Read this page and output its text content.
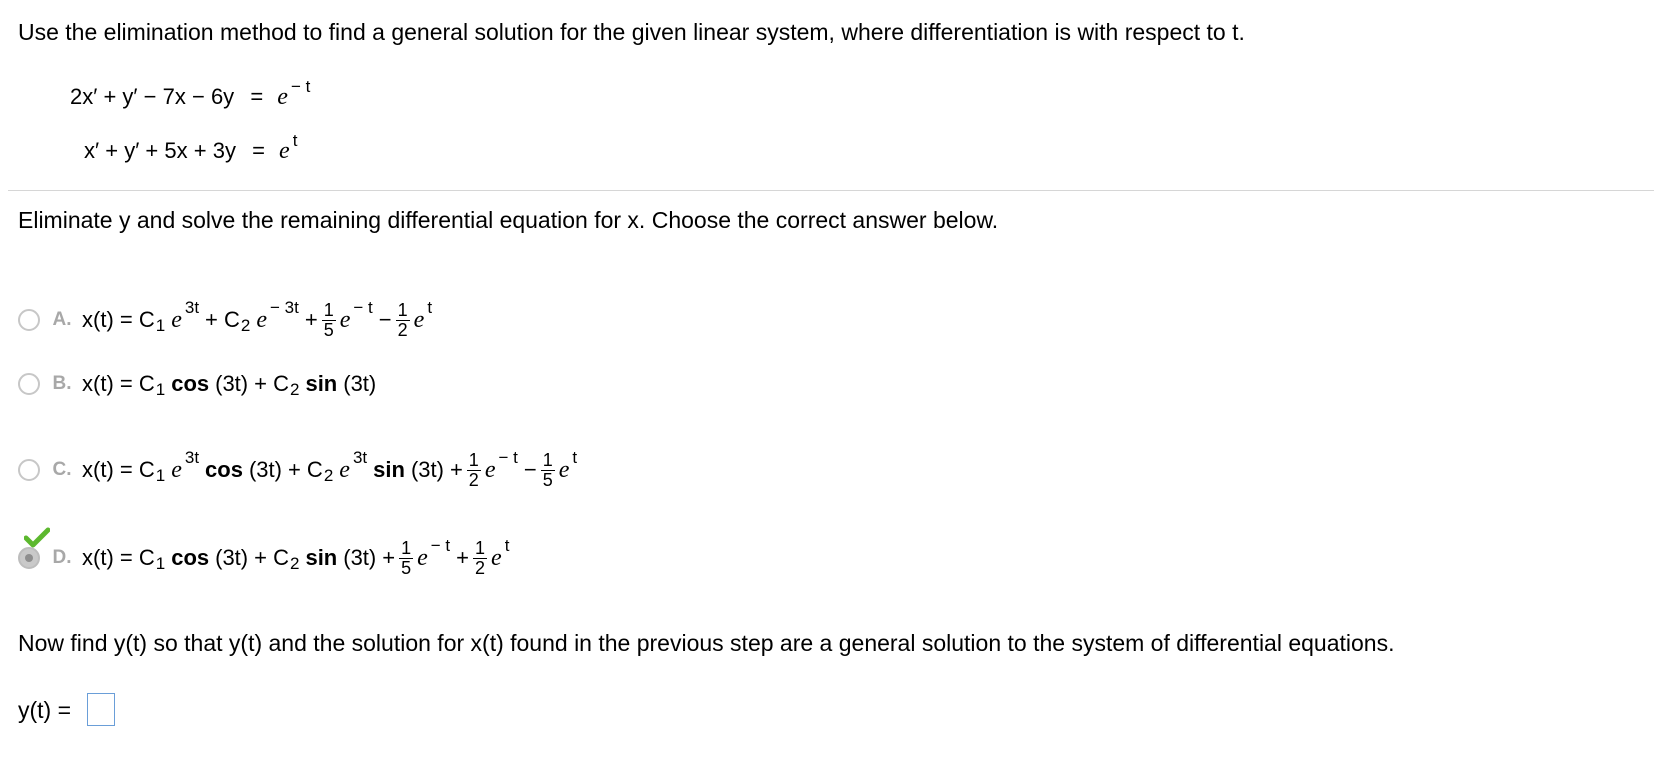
Use the elimination method to find a general solution for the given linear system, where differentiation is with respect to t.
2x′ + y′ − 7x − 6y = e $^{- t}$
x′ + y′ + 5x + 3y = e $^t$
Eliminate y and solve the remaining differential equation for x. Choose the correct answer below.
A. x(t) = C 1 e 3t + C 2 $e - 3t + \frac{1}{5}$ $e - t - \frac{1}{2}$ e t
B. x(t) = C 1 cos (3t) + C 2 sin (3t)
C. x(t) = C 1 e 3t cos (3t) + C 2 e 3t $\sin (3t) + \frac{1}{2}$ $e - t - \frac{1}{5}$ e t
D. x(t) = C 1 cos (3t) + C 2 $\sin (3t) + \frac{1}{5}$ $e - t + \frac{1}{2}$ e t
Now find y(t) so that y(t) and the solution for x(t) found in the previous step are a general solution to the system of differential equations.
y(t) =
